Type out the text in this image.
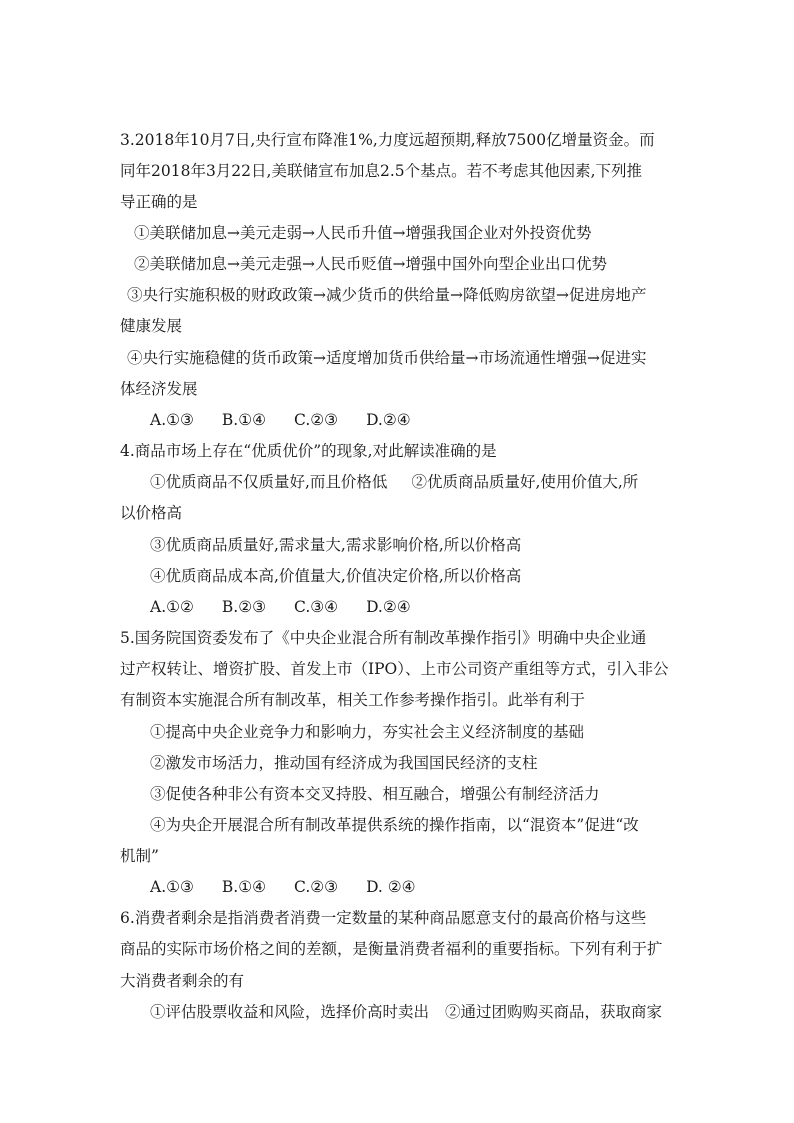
3.2018年10月7日,央行宣布降准1%,力度远超预期,释放7500亿增量资金。而
同年2018年3月22日,美联储宣布加息2.5个基点。若不考虑其他因素,下列推
导正确的是
①美联储加息→美元走弱→人民币升值→增强我国企业对外投资优势
②美联储加息→美元走强→人民币贬值→增强中国外向型企业出口优势
③央行实施积极的财政政策→减少货币的供给量→降低购房欲望→促进房地产
健康发展
④央行实施稳健的货币政策→适度增加货币供给量→市场流通性增强→促进实
体经济发展
A.①③ B.①④ C.②③ D.②④
4.商品市场上存在“优质优价”的现象,对此解读准确的是
①优质商品不仅质量好,而且价格低 ②优质商品质量好,使用价值大,所
以价格高
③优质商品质量好,需求量大,需求影响价格,所以价格高
④优质商品成本高,价值量大,价值决定价格,所以价格高
A.①② B.②③ C.③④ D.②④
5.国务院国资委发布了《中央企业混合所有制改革操作指引》明确中央企业通
过产权转让、增资扩股、首发上市（IPO）、上市公司资产重组等方式，引入非公
有制资本实施混合所有制改革，相关工作参考操作指引。此举有利于
①提高中央企业竞争力和影响力，夯实社会主义经济制度的基础
②激发市场活力，推动国有经济成为我国国民经济的支柱
③促使各种非公有资本交叉持股、相互融合，增强公有制经济活力
④为央企开展混合所有制改革提供系统的操作指南，以“混资本”促进“改
机制”
A.①③ B.①④ C.②③ D. ②④
6.消费者剩余是指消费者消费一定数量的某种商品愿意支付的最高价格与这些
商品的实际市场价格之间的差额，是衡量消费者福利的重要指标。下列有利于扩
大消费者剩余的有
①评估股票收益和风险，选择价高时卖出 ②通过团购购买商品，获取商家
